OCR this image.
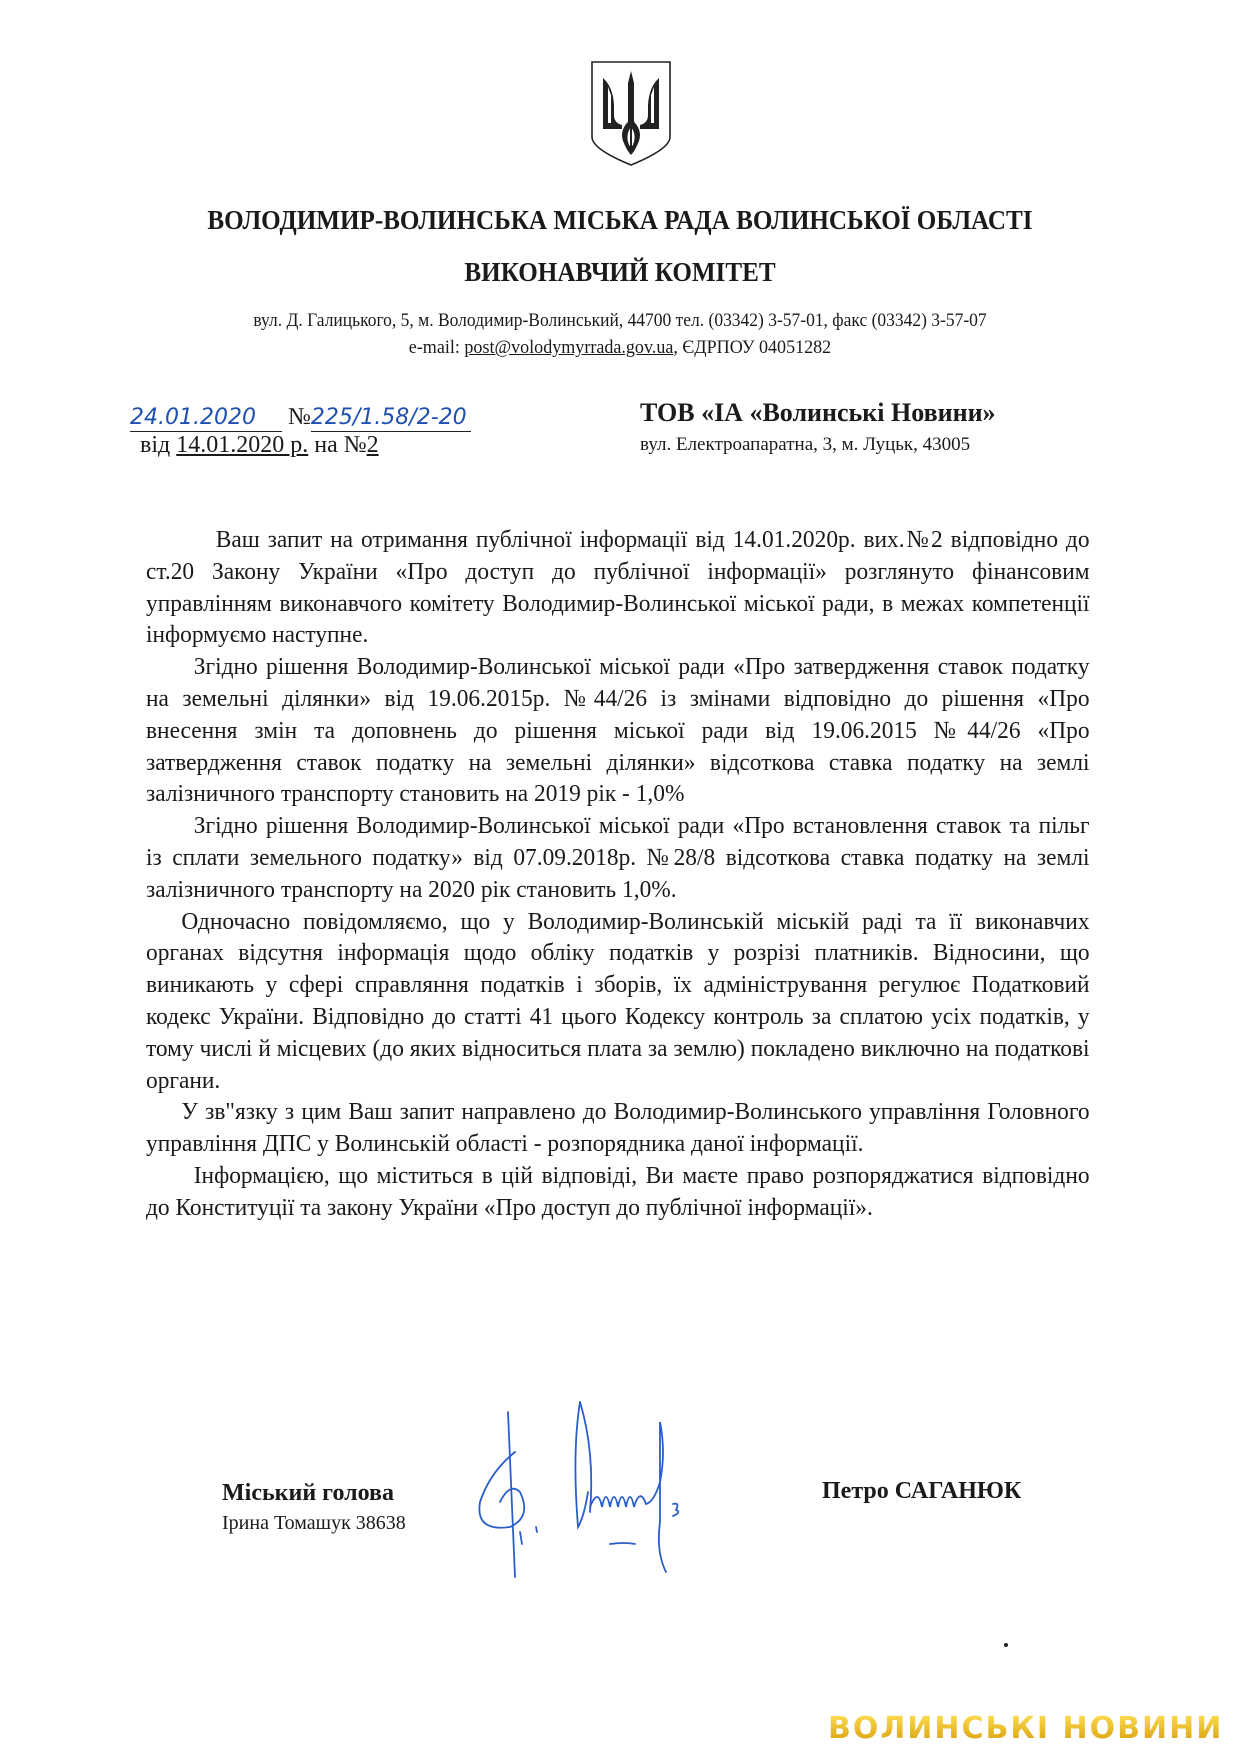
ВОЛОДИМИР-ВОЛИНСЬКА МІСЬКА РАДА ВОЛИНСЬКОЇ ОБЛАСТІ
ВИКОНАВЧИЙ КОМІТЕТ
вул. Д. Галицького, 5, м. Володимир-Волинський, 44700 тел. (03342) 3-57-01, факс (03342) 3-57-07
e-mail: post@volodymyrrada.gov.ua, ЄДРПОУ 04051282
24.01.2020 №225/1.58/2-20
від 14.01.2020 р. на №2
ТОВ «ІА «Волинські Новини»
вул. Електроапаратна, 3, м. Луцьк, 43005

Ваш запит на отримання публічної інформації від 14.01.2020р. вих.№2 відповідно до ст.20 Закону України «Про доступ до публічної інформації» розглянуто фінансовим управлінням виконавчого комітету Володимир-Волинської міської ради, в межах компетенції інформуємо наступне.

Згідно рішення Володимир-Волинської міської ради «Про затвердження ставок податку на земельні ділянки» від 19.06.2015р. №44/26 із змінами відповідно до рішення «Про внесення змін та доповнень до рішення міської ради від 19.06.2015 №44/26 «Про затвердження ставок податку на земельні ділянки» відсоткова ставка податку на землі залізничного транспорту становить на 2019 рік - 1,0%

Згідно рішення Володимир-Волинської міської ради «Про встановлення ставок та пільг із сплати земельного податку» від 07.09.2018р. №28/8 відсоткова ставка податку на землі залізничного транспорту на 2020 рік становить 1,0%.

Одночасно повідомляємо, що у Володимир-Волинській міській раді та її виконавчих органах відсутня інформація щодо обліку податків у розрізі платників. Відносини, що виникають у сфері справляння податків і зборів, їх адміністрування регулює Податковий кодекс України. Відповідно до статті 41 цього Кодексу контроль за сплатою усіх податків, у тому числі й місцевих (до яких відноситься плата за землю) покладено виключно на податкові органи.

У зв"язку з цим Ваш запит направлено до Володимир-Волинського управління Головного управління ДПС у Волинській області - розпорядника даної інформації.

Інформацією, що міститься в цій відповіді, Ви маєте право розпоряджатися відповідно до Конституції та закону України «Про доступ до публічної інформації».

Міський голова
Ірина Томашук 38638
Петро САГАНЮК
ВОЛИНСЬКІ НОВИНИ
